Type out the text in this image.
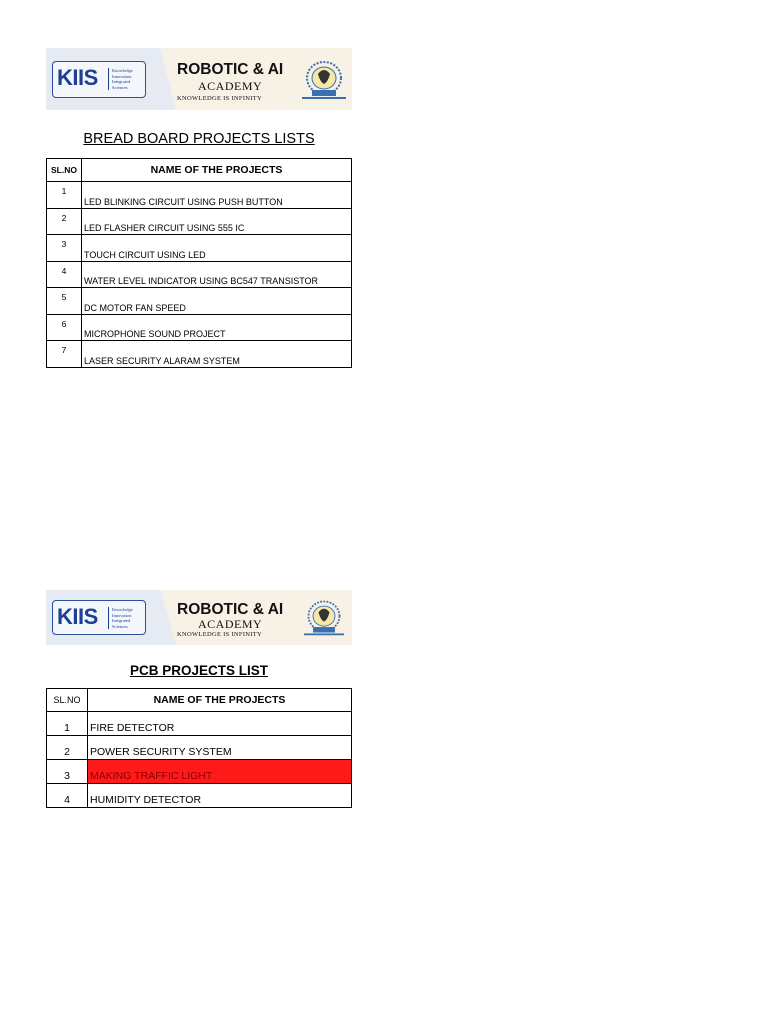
KIIS	Knowledge
Innovation
Integrated
Sciences
ROBOTIC & AI
ACADEMY
KNOWLEDGE IS INFINITY
BREAD BOARD PROJECTS LISTS
SL.NO	NAME OF THE PROJECTS
1	LED BLINKING CIRCUIT USING PUSH BUTTON
2	LED FLASHER CIRCUIT USING 555 IC
3	TOUCH CIRCUIT USING LED
4	WATER LEVEL INDICATOR USING BC547 TRANSISTOR
5	DC MOTOR FAN SPEED
6	MICROPHONE SOUND PROJECT
7	LASER SECURITY ALARAM SYSTEM
KIIS	Knowledge
Innovation
Integrated
Sciences
ROBOTIC & AI
ACADEMY
KNOWLEDGE IS INFINITY
PCB PROJECTS LIST
SL.NO	NAME OF THE PROJECTS
1	FIRE DETECTOR
2	POWER SECURITY SYSTEM
3	MAKING TRAFFIC LIGHT
4	HUMIDITY DETECTOR
